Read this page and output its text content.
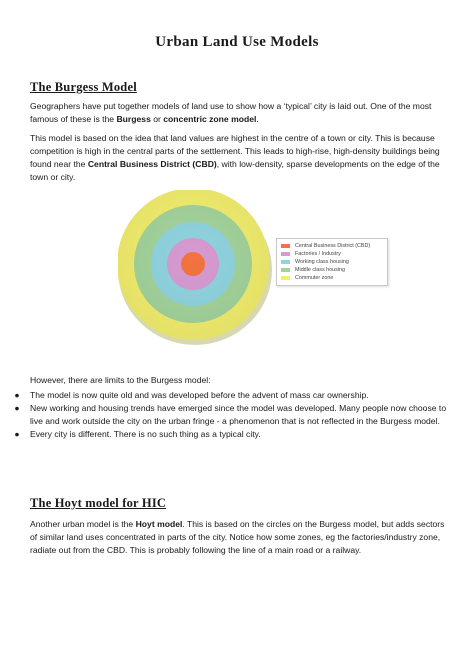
Urban Land Use Models
The Burgess Model
Geographers have put together models of land use to show how a ‘typical’ city is laid out. One of the most famous of these is the Burgess or concentric zone model.
This model is based on the idea that land values are highest in the centre of a town or city. This is because competition is high in the central parts of the settlement. This leads to high-rise, high-density buildings being found near the Central Business District (CBD), with low-density, sparse developments on the edge of the town or city.
Central Business District (CBD)
Factories / Industry
Working class housing
Middle class housing
Commuter zone
However, there are limits to the Burgess model:
● The model is now quite old and was developed before the advent of mass car ownership.
● New working and housing trends have emerged since the model was developed. Many people now choose to live and work outside the city on the urban fringe - a phenomenon that is not reflected in the Burgess model.
● Every city is different. There is no such thing as a typical city.
The Hoyt model for HIC
Another urban model is the Hoyt model. This is based on the circles on the Burgess model, but adds sectors of similar land uses concentrated in parts of the city. Notice how some zones, eg the factories/industry zone, radiate out from the CBD. This is probably following the line of a main road or a railway.
